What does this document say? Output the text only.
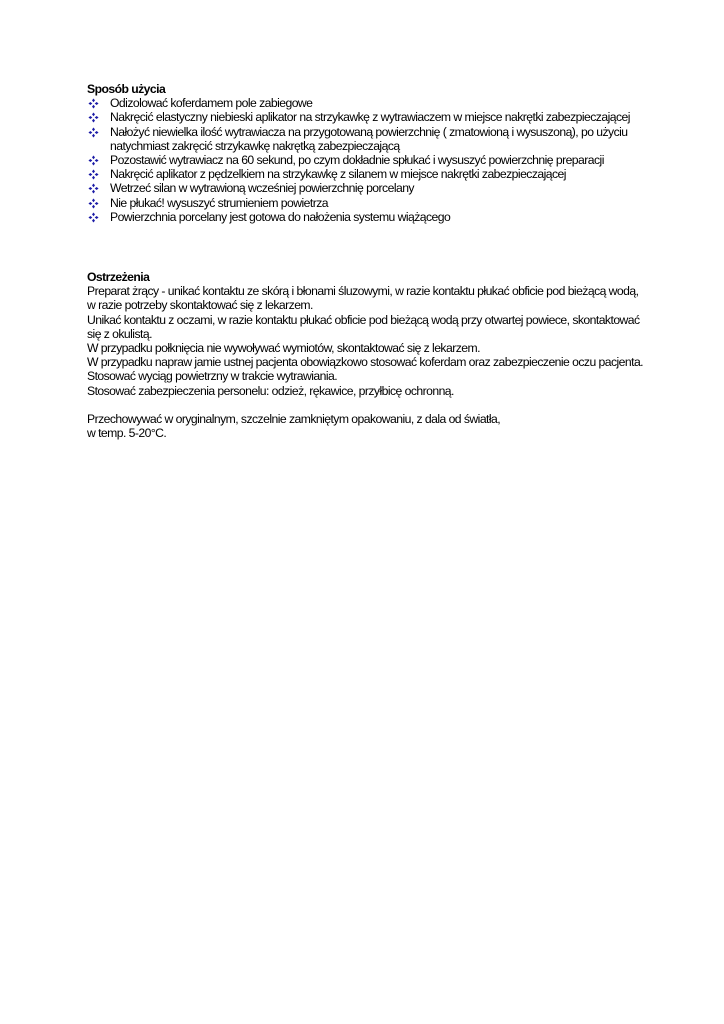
Sposób użycia

Odizolować koferdamem pole zabiegowe
Nakręcić elastyczny niebieski aplikator na strzykawkę z wytrawiaczem w miejsce nakrętki zabezpieczającej
Nałożyć niewielka ilość wytrawiacza na przygotowaną powierzchnię ( zmatowioną i wysuszoną), po użyciu natychmiast zakręcić strzykawkę nakrętką zabezpieczającą
Pozostawić wytrawiacz na 60 sekund, po czym dokładnie spłukać i wysuszyć powierzchnię preparacji
Nakręcić aplikator z pędzelkiem na strzykawkę z silanem w miejsce nakrętki zabezpieczającej
Wetrzeć silan w wytrawioną wcześniej powierzchnię porcelany
Nie płukać! wysuszyć strumieniem powietrza
Powierzchnia porcelany jest gotowa do nałożenia systemu wiążącego

Ostrzeżenia

Preparat żrący - unikać kontaktu ze skórą i błonami śluzowymi, w razie kontaktu płukać obficie pod bieżącą wodą, w razie potrzeby skontaktować się z lekarzem.

Unikać kontaktu z oczami, w razie kontaktu płukać obficie pod bieżącą wodą przy otwartej powiece, skontaktować się z okulistą.

W przypadku połknięcia nie wywoływać wymiotów, skontaktować się z lekarzem.

W przypadku napraw jamie ustnej pacjenta obowiązkowo stosować koferdam oraz zabezpieczenie oczu pacjenta. Stosować wyciąg powietrzny w trakcie wytrawiania.

Stosować zabezpieczenia personelu: odzież, rękawice, przyłbicę ochronną.

Przechowywać w oryginalnym, szczelnie zamkniętym opakowaniu, z dala od światła,

w temp. 5-20°C.
